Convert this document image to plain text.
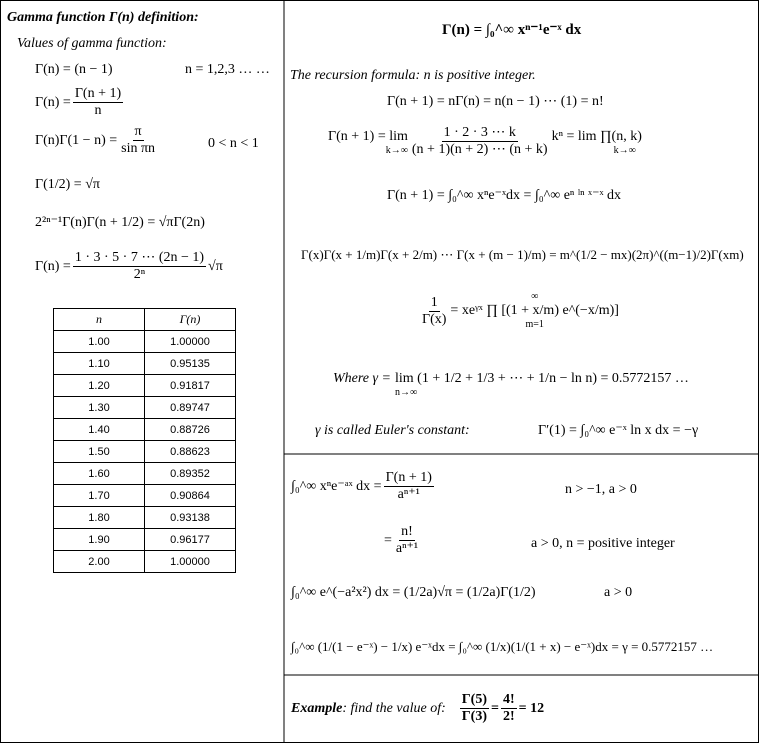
Gamma function Γ(n) definition:
Values of gamma function:
Γ(n) = (n − 1)	n = 1,2,3 … …
$\Gamma(n) = \frac{\Gamma(n + 1)}{n}$
$\Gamma(n)\Gamma(1 - n) = \frac{\pi}{\text{sin πn}}$	0 < n < 1
Γ(1/2) = √π
2²ⁿ⁻¹Γ(n)Γ(n + 1/2) = √πΓ(2n)
$\Gamma(n) = \frac{1 \cdot 3 \cdot 5 \cdot 7 \cdots (2n - 1)}{\text{2ⁿ}} √\pi$
n	Γ(n)
1.00	1.00000
1.10	0.95135
1.20	0.91817
1.30	0.89747
1.40	0.88726
1.50	0.88623
1.60	0.89352
1.70	0.90864
1.80	0.93138
1.90	0.96177
2.00	1.00000
Γ(n) = ∫₀^∞ xⁿ⁻¹e⁻ˣ dx
The recursion formula: n is positive integer.
Γ(n + 1) = nΓ(n) = n(n − 1) ⋯ (1) = n!
Γ(n + 1) = lim
$k\to\infty \frac{1 \cdot 2 \cdot 3 \cdots k}{(n + 1)(n + 2) \cdots (n + k)}$ kⁿ = lim ∏(n, k)
k→∞
Γ(n + 1) = ∫₀^∞ xⁿe⁻ˣdx = ∫₀^∞ eⁿ ˡⁿ ˣ⁻ˣ dx
Γ(x)Γ(x + 1/m)Γ(x + 2/m) ⋯ Γ(x + (m − 1)/m) = m^(1/2 − mx)(2π)^((m−1)/2)Γ(xm)
$\frac{1}{\Gamma(x)}$	∞
= xeᵞˣ ∏ [(1 + x/m) e^(−x/m)]
m=1
Where γ = lim (1 + 1/2 + 1/3 + ⋯ + 1/n − ln n) = 0.5772157 …
n→∞
γ is called Euler's constant:	Γ′(1) = ∫₀^∞ e⁻ˣ ln x dx = −γ
∫₀^∞ xⁿe⁻ᵃˣ dx = $\frac{\Gamma(n + 1)}{\text{aⁿ⁺¹}}$	n > −1, a > 0
= $\frac{n!}{\text{aⁿ⁺¹}}$	a > 0, n = positive integer
∫₀^∞ e^(−a²x²) dx = (1/2a)√π = (1/2a)Γ(1/2)	a > 0
∫₀^∞ (1/(1 − e⁻ˣ) − 1/x) e⁻ˣdx = ∫₀^∞ (1/x)(1/(1 + x) − e⁻ˣ)dx = γ = 0.5772157 …
Example : find the value of: $\frac{\Gamma(5)}{\Gamma(3)} = \frac{4!}{2!} = 12$
